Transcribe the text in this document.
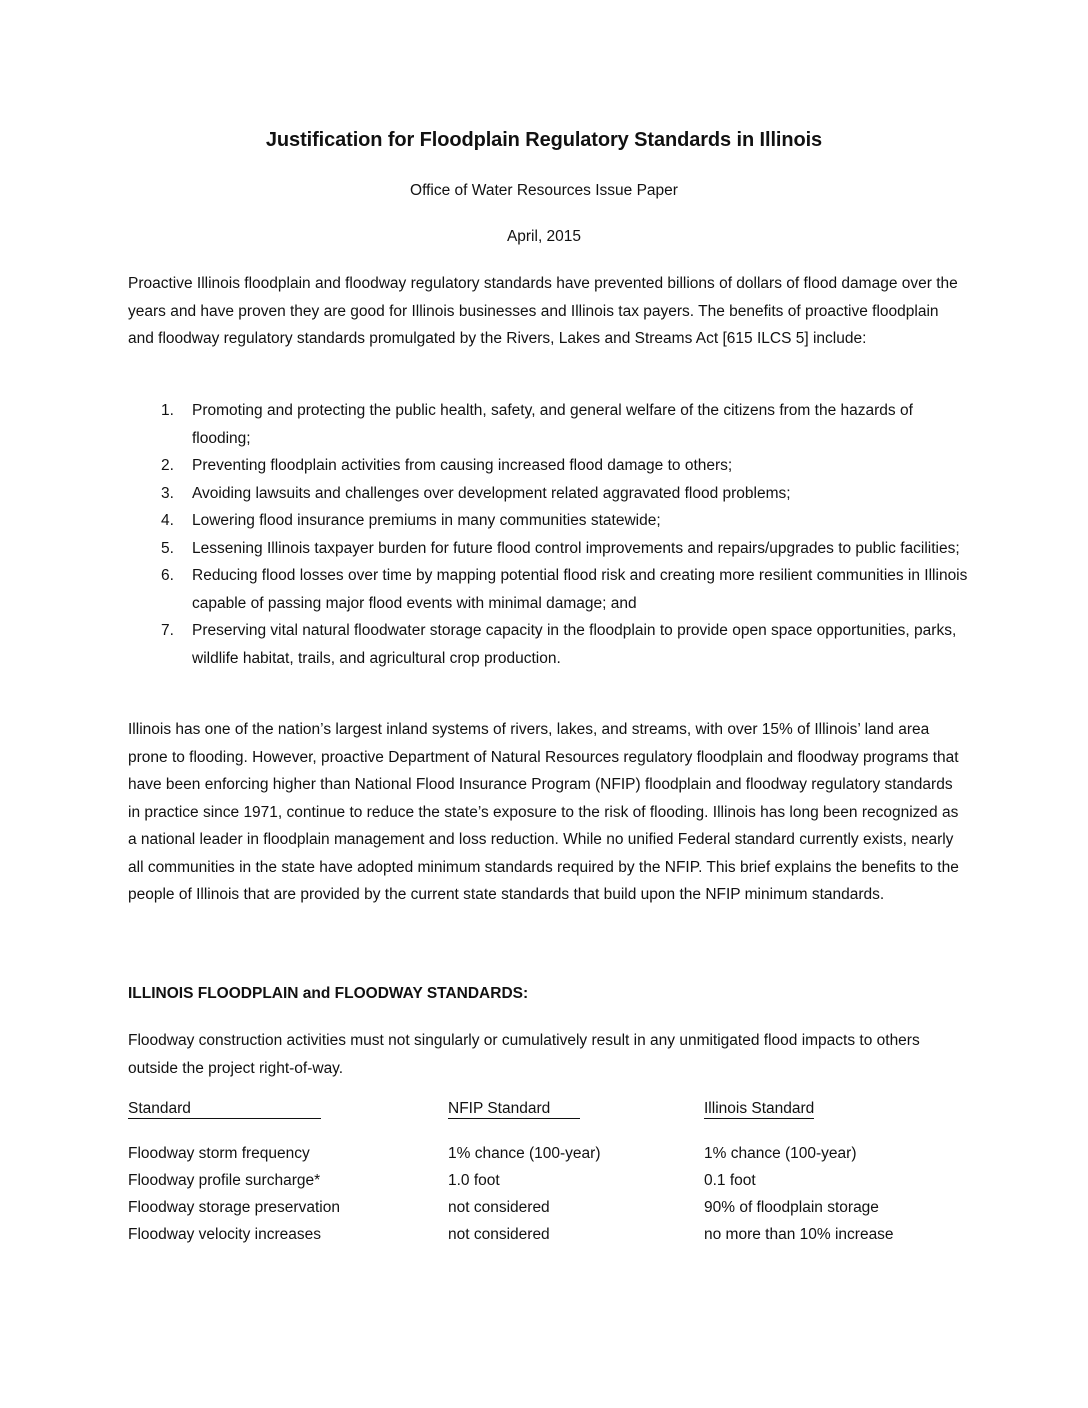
Justification for Floodplain Regulatory Standards in Illinois
Office of Water Resources Issue Paper
April, 2015
Proactive Illinois floodplain and floodway regulatory standards have prevented billions of dollars of flood damage over the years and have proven they are good for Illinois businesses and Illinois tax payers. The benefits of proactive floodplain and floodway regulatory standards promulgated by the Rivers, Lakes and Streams Act [615 ILCS 5] include:
1. Promoting and protecting the public health, safety, and general welfare of the citizens from the hazards of flooding;
2. Preventing floodplain activities from causing increased flood damage to others;
3. Avoiding lawsuits and challenges over development related aggravated flood problems;
4. Lowering flood insurance premiums in many communities statewide;
5. Lessening Illinois taxpayer burden for future flood control improvements and repairs/upgrades to public facilities;
6. Reducing flood losses over time by mapping potential flood risk and creating more resilient communities in Illinois capable of passing major flood events with minimal damage; and
7. Preserving vital natural floodwater storage capacity in the floodplain to provide open space opportunities, parks, wildlife habitat, trails, and agricultural crop production.
Illinois has one of the nation’s largest inland systems of rivers, lakes, and streams, with over 15% of Illinois’ land area prone to flooding. However, proactive Department of Natural Resources regulatory floodplain and floodway programs that have been enforcing higher than National Flood Insurance Program (NFIP) floodplain and floodway regulatory standards in practice since 1971, continue to reduce the state’s exposure to the risk of flooding. Illinois has long been recognized as a national leader in floodplain management and loss reduction. While no unified Federal standard currently exists, nearly all communities in the state have adopted minimum standards required by the NFIP. This brief explains the benefits to the people of Illinois that are provided by the current state standards that build upon the NFIP minimum standards.
ILLINOIS FLOODPLAIN and FLOODWAY STANDARDS:
Floodway construction activities must not singularly or cumulatively result in any unmitigated flood impacts to others outside the project right-of-way.
Standard	NFIP Standard	Illinois Standard
Floodway storm frequency	1% chance (100-year)	1% chance (100-year)
Floodway profile surcharge*	1.0 foot	0.1 foot
Floodway storage preservation	not considered	90% of floodplain storage
Floodway velocity increases	not considered	no more than 10% increase
